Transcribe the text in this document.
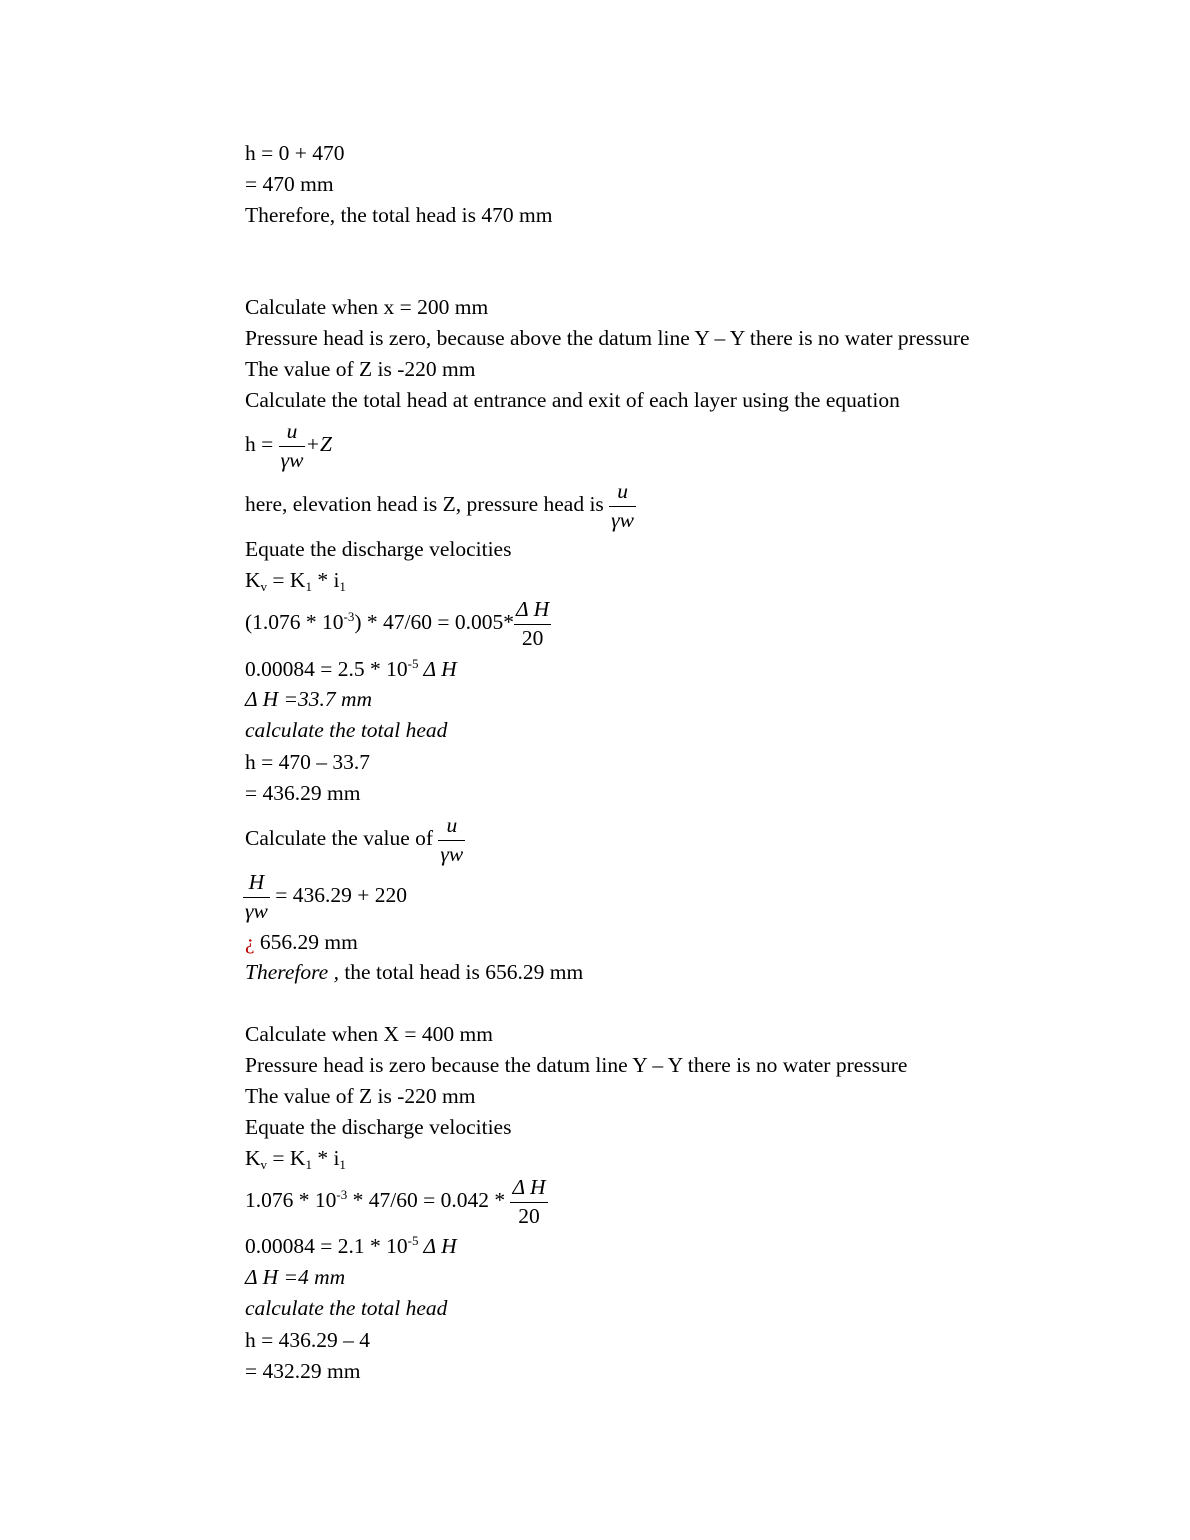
h = 0 + 470
= 470 mm
Therefore, the total head is 470 mm
Calculate when x = 200 mm
Pressure head is zero, because above the datum line Y – Y there is no water pressure
The value of Z is -220 mm
Calculate the total head at entrance and exit of each layer using the equation
$h = \frac{u}{\gamma w} +Z$
here, elevation head is Z, pressure head is $\frac{u}{\gamma w}$
Equate the discharge velocities
$K_v = K_1 * i_1$
$(1.076 * 10^{-3}) * 47/60 = 0.005* \frac{\text{Δ H}}{20}$
$0.00084 = 2.5 * 10^{-5}$ Δ H
Δ H =33.7 mm
calculate the total head
h = 470 – 33.7
= 436.29 mm
Calculate the value of $\frac{u}{\gamma w}$
$\frac{H}{\gamma w} = 436.29 + 220$
¿ 656.29 mm
Therefore , the total head is 656.29 mm
Calculate when X = 400 mm
Pressure head is zero because the datum line Y – Y there is no water pressure
The value of Z is -220 mm
Equate the discharge velocities
$K_v = K_1 * i_1$
$1.076 * 10^{-3} * 47/60 = 0.042 * \frac{\text{Δ H}}{20}$
$0.00084 = 2.1 * 10^{-5}$ Δ H
Δ H =4 mm
calculate the total head
h = 436.29 – 4
= 432.29 mm
